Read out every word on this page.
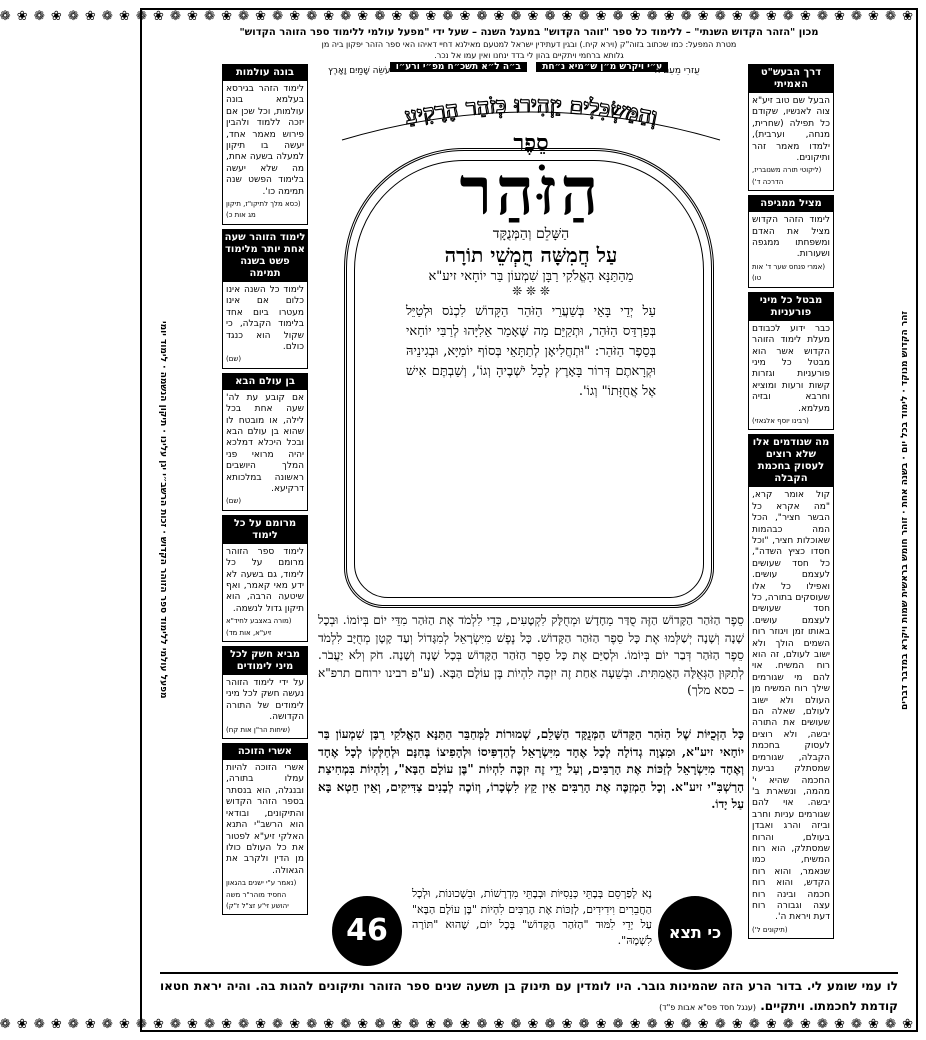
❀ ❁ ❀ ❁ ❀ ❁ ❀ ❁ ❀ ❁ ❀ ❁ ❀ ❁ ❀ ❁ ❀ ❁ ❀ ❁ ❀ ❁ ❀ ❁ ❀ ❁ ❀ ❁ ❀ ❁ ❀ ❁ ❀ ❁ ❀ ❁ ❀ ❁ ❀ ❁ ❀ ❁ ❀ ❁ ❀ ❁ ❀ ❁ ❀ ❁ ❀ ❁ ❀ ❁
❀ ❁ ❀ ❁ ❀ ❁ ❀ ❁ ❀ ❁ ❀ ❁ ❀ ❁ ❀ ❁ ❀ ❁ ❀ ❁ ❀ ❁ ❀ ❁ ❀ ❁ ❀ ❁ ❀ ❁ ❀ ❁ ❀ ❁ ❀ ❁ ❀ ❁ ❀ ❁ ❀ ❁ ❀ ❁ ❀ ❁ ❀ ❁ ❀ ❁ ❀ ❁ ❀ ❁
זהר הקדוש מנוקד · לימוד בכל יום · בשנה אחת · זוהר חומש בראשית שמות ויקרא במדבר דברים
מפעל עולמי ללימוד ספר הזוהר הקדוש · זכות הרשב״י יגן עלינו · תיקון הנשמה · לימוד יומי
מכון "הזהר הקדוש השנתי" – ללימוד כל ספר "זוהר הקדוש" במעגל השנה – שעל ידי "מפעל עולמי ללימוד ספר הזוהר הקדוש"
מטרת המפעל: כמו שכתוב בזוה"ק (וירא קיח.) ובגין דעתידין ישראל למטעם מאילנא דחיי דאיהו האי ספר הזהר יפקון ביה מן
גלותא ברחמי ויתקיים בהון לי בדד ינחנו ואין עמו אל נכר.
ע״י ויקרש מ״ן ש״מיא נ״חת   ב״ה ל״א תשכ״ח מפ״י ורע״ו	דרך הבעש"ט האמיתי
הבעל שם טוב זיע"א צוה לאנשיו, שקודם כל תפילה (שחרית, מנחה, וערבית), ילמדו מאמר זהר ותיקונים.
(ליקוטי תורה משנובריז, הדרכה ד')
מציל ממגיפה
לימוד הזהר הקדוש מציל את האדם ומשפחתו ממגפה ושעורות.
(אמרי פנחס שער ד' אות טו)
מבטל כל מיני פורעניות
כבר ידוע לכבודם מעלת לימוד הזוהר הקדוש אשר הוא מבטל כל מיני פורעניות וגזרות קשות ורעות ומוציא וחרבא ובזיה מעלמא.
(רבינו יוסף אלגאזי)
מה שנודמים אלו שלא רוצים לעסוק בחכמת הקבלה
קול אומר קרא, "מה אקרא כל הבשר חציר", הכל המה כבהמות שאוכלות חציר, "וכל חסדו כציץ השדה", כל חסד שעושים לעצמם עושים. ואפילו כל אלו שעוסקים בתורה, כל חסד שעושים לעצמם עושים. באותו זמן ויגוזר רוח השמים הולך ולא ישוב לעולם, זה הוא רוח המשיח. אוי להם מי שגורמים שילך רוח המשיח מן העולם ולא ישוב לעולם, שאלה הם שעושים את התורה יבשה, ולא רוצים לעסוק בחכמת הקבלה, שגורמים שמסתלק נביעת החכמה שהיא י' מהמה, ונשארת ב' יבשה. אוי להם שגורמים עניות וחרב וביזה והרג ואבדן בעולם, והרוח שמסתלק, הוא רוח המשיח, כמו שנאמר, והוא רוח הקדש, והוא רוח חכמה ובינה רוח עצה וגבורה רוח דעת ויראת ה'.
(תיקונים ל')
בונה עולמות
לימוד הזהר בגירסא בעלמא בונה עולמות, וכל שכן אם יזכה ללמוד ולהבין פירוש מאמר אחד, יעשה בו תיקון למעלה בשעה אחת, מה שלא יעשה בלימוד הפשט שנה תמימה כו'.
(כסא מלך לתיקו"ז, תיקון מג אות כ)
לימוד הזוהר שעה אחת יותר מלימוד פשט בשנה תמימה
לימוד כל השנה אינו כלום אם אינו מעטרו ביום אחד בלימוד הקבלה, כי שקול הוא כנגד כולם.
(שם)
בן עולם הבא
אם קובע עת לה' שעה אחת בכל לילה, או מובטח לו שהוא בן עולם הבא ובכל היכלא דמלכא יהיה מרואי פני המלך היושבים ראשונה במלכותא דרקיעא.
(שם)
מרומם על כל לימוד
לימוד ספר הזוהר מרומם על כל לימוד, גם בשעה לא ידע מאי קאמר, ואף שיטעה הרבה, הוא תיקון גדול לנשמה.
(מורה באצבע לחיד"א זיע"א, אות מד)
מביא חשק לכל מיני לימודים
על ידי לימוד הזוהר נעשה חשק לכל מיני לימודים של התורה הקדושה.
(שיחות הר"ן אות קח)
אשרי הזוכה
אשרי הזוכה להיות עמלו בתורה, ובנגלה, הוא בנסתר בספר הזהר הקדוש והתיקונים, ובודאי הוא הרשב"י התנא האלקי זיע"א לפטור את כל העולם כולו מן הדין ולקרב את הגאולה.
(נאמר ע"י ישנים בהגאון החסיד מוהר"ר משה יהושע זי"ע זצ"ל ז"ק)
עֻזרִי מֵעִם ה'
עֹשֵׂה שָׁמַיִם וָאָרֶץ
וְהַמַּשְׂכִּלִים יַזְהִירוּ כְּזֹהַר הָרָקִיעַ
סֵפֶר
הַזֹּהַר
הַשָּׁלֵם וְהַמְּנֻקָּד
עַל חֲמִשָּׁה חֻמְשֵׁי תוֹרָה
מֵהַתַּנָּא הָאֱלֹקִי רַבָּן שִׁמְעוֹן בַּר יוֹחָאי זיע"א
❊ ❊ ❊
עַל יְדֵי בָּאֵי בְּשַׁעֲרֵי הַזֹּהַר הַקָּדוֹשׁ לִכְנֹס וּלְטַיֵּל בְּפַרְדֵּס הַזֹּהַר, וּתְקַיֵּם מַה שֶּׁאָמַר אֵלִיָּהוּ לְרַבִּי יוֹחַאי בְּסֵפֶר הַזֹּהַר: "וּתְחֲלִיאָן לְתַתָּאֵי בְּסוֹף יוֹמַיָּא, וּבְגִינֵיהּ וּקְרָאתֶם דְּרוֹר בָּאָרֶץ לְכָל יֹשְׁבֶיהָ וְגוֹ', וְשַׁבְתֶּם אִישׁ אֶל אֲחֻזָּתוֹ" וְגוֹ'.
סֵפֶר הַזֹּהַר הַקָּדוֹשׁ הַזֶּה סֻדַּר מֵחָדָשׁ וּמְחֻלָּק לִקְטָעִים, כְּדֵי לִלְמֹד אֶת הַזֹּהַר מִדֵּי יוֹם בְּיוֹמוֹ. וּבְכָל שָׁנָה וְשָׁנָה יְשַׁלְּמוּ אֶת כָּל סֵפֶר הַזֹּהַר הַקָּדוֹשׁ. כָּל נֶפֶשׁ מִיִּשְׂרָאֵל לְמִגָּדוֹל וְעַד קָטָן מְחֻיָּב לִלְמֹד סֵפֶר הַזֹּהַר דְּבַר יוֹם בְּיוֹמוֹ. וּלְסַיֵּם אֶת כָּל סֵפֶר הַזֹּהַר הַקָּדוֹשׁ בְּכָל שָׁנָה וְשָׁנָה. חֹק וְלֹא יַעֲבֹר. לְתִקּוּן הַגְּאֻלָּה הָאֲמִתִּית. וּבְשֵׁעָה אַחַת זֶה יִזְכֶּה לִהְיוֹת בֶּן עוֹלָם הַבָּא. (ע"פ רבינו ירוחם תרפ"א – כסא מלך)
כָּל הַזְּכֻיּוֹת שֶׁל הַזֹּהַר הַקָּדוֹשׁ הַמְּנֻקָּד הַשָּׁלֵם, שְׁמוּרוֹת לַמְּחַבֵּר הַתַּנָּא הָאֱלֹקִי רַבָּן שִׁמְעוֹן בַּר יוֹחָאי זיע"א, וּמִצְוָה גְדוֹלָה לְכָל אֶחָד מִיִּשְׂרָאֵל לְהַדְפִּיסוֹ וּלְהָפִיצוֹ בְּחִנָּם וּלְחַלְּקוֹ לְכָל אֶחָד וְאֶחָד מִיִּשְׂרָאֵל לְזַכּוֹת אֶת הָרַבִּים, וְעַל יְדֵי זֶה יִזְכֶּה לִהְיוֹת "בֶּן עוֹלָם הַבָּא", וְלִהְיוֹת בִּמְחִיצַת הָרַשְׁבִּ"י זיע"א. וְכָל הַמְזַכֶּה אֶת הָרַבִּים אֵין קֵץ לִשְׂכָרוֹ, וְזוֹכֶה לְבָנִים צַדִּיקִים, וְאֵין חֵטְא בָּא עַל יָדוֹ.
נָא לְפַרְסֵם בְּבָתֵּי כְּנֵסִיּוֹת וּבְבָתֵּי מִדְרָשׁוֹת, וּבִשְׁכוּנוֹת, וּלְכָל הַחֲבֵרִים וִידִידִים, לְזַכּוֹת אֶת הָרַבִּים לִהְיוֹת "בֶּן עוֹלָם הַבָּא" עַל יְדֵי לִמּוּד "הַזֹּהַר הַקָּדוֹשׁ" בְּכָל יוֹם, שֶׁהוּא "תּוֹרָה לִשְׁמָהּ".
46	כי תצא
לו עמי שומע לי. בדור הרע הזה שהמינות גובר. היו לומדין עם תינוק בן תשעה שנים ספר הזוהר ותיקונים להגות בה. והיה יראת חטאו קודמת לחכמתו. ויתקיים. (ענגל חסד פס"א אבות פ"ד)
